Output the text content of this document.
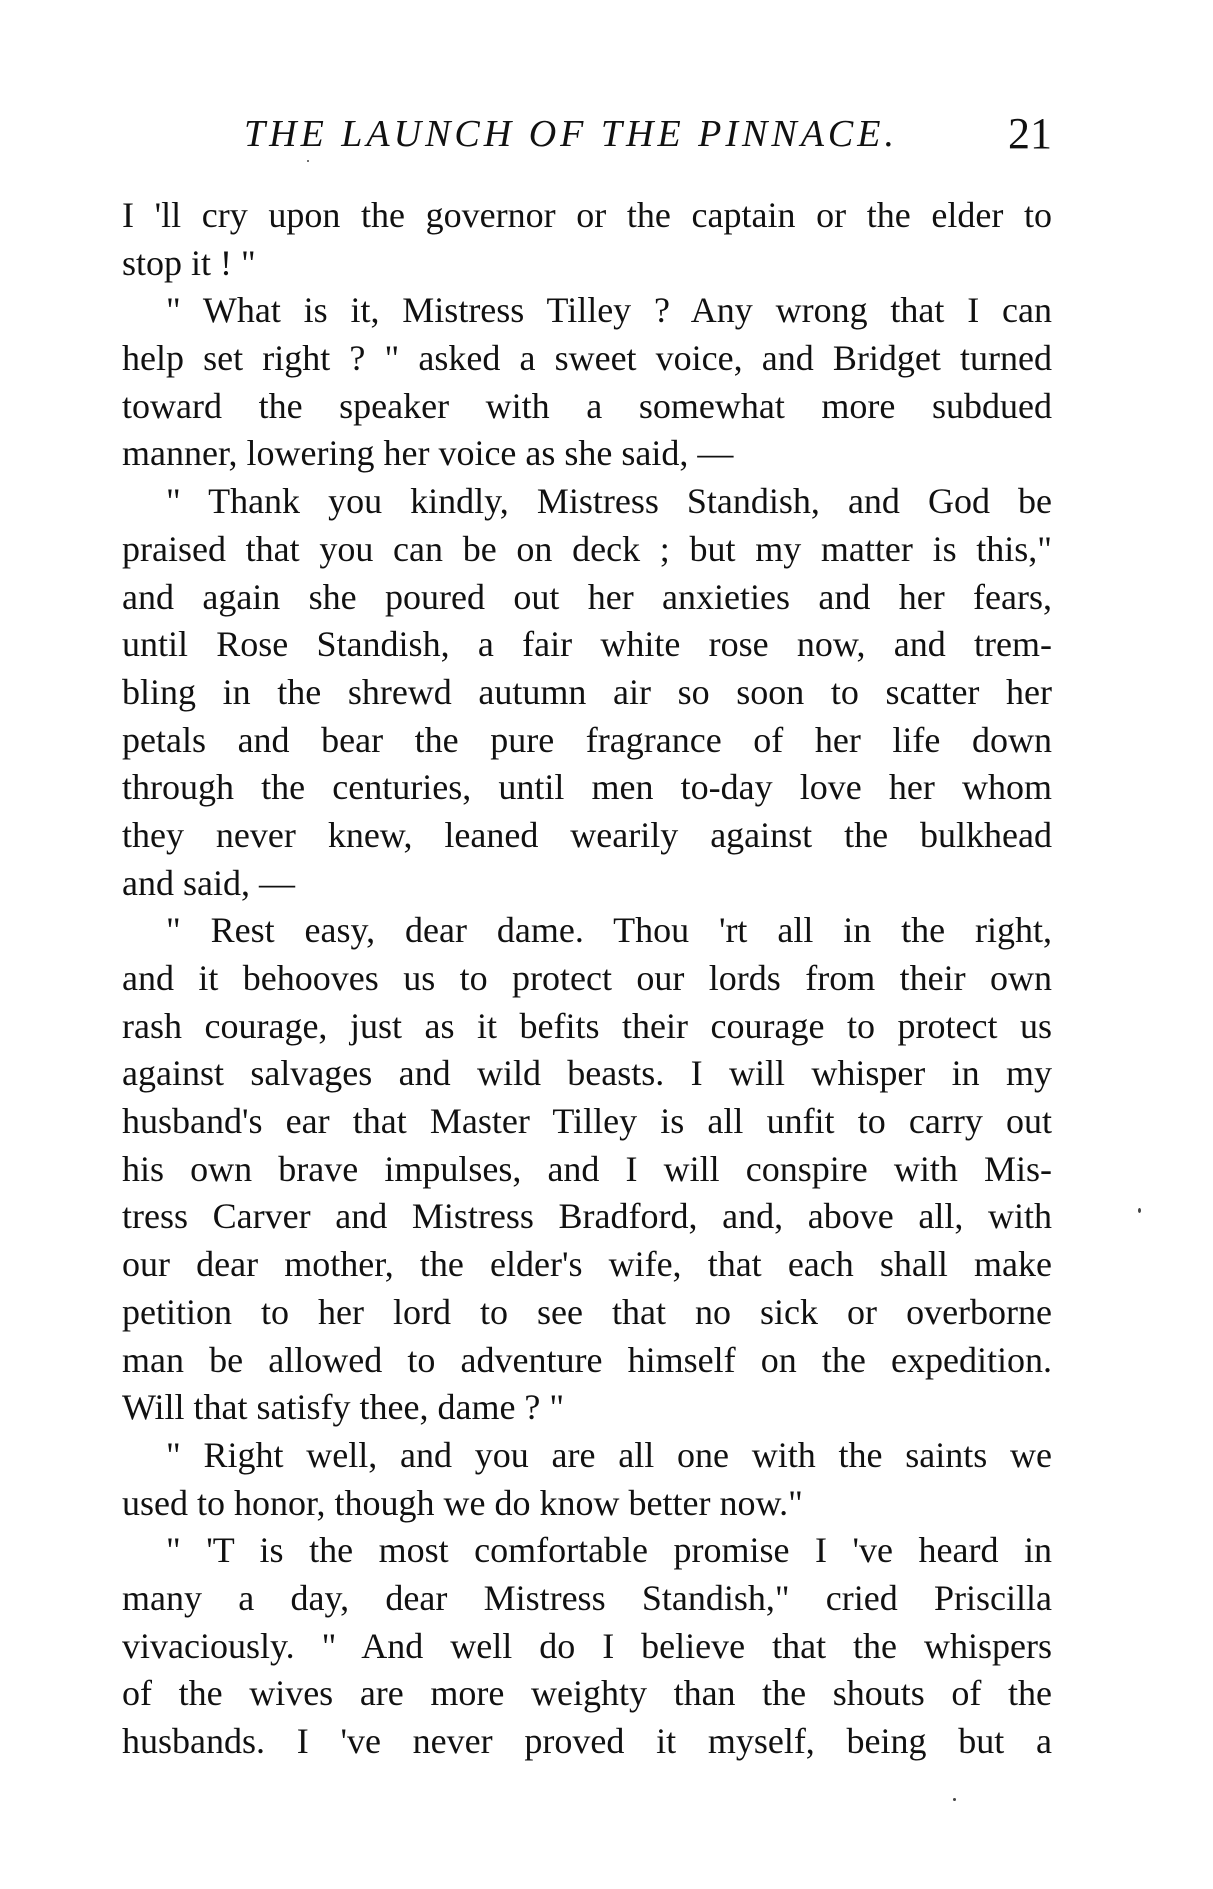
THE LAUNCH OF THE PINNACE.	21
I 'll cry upon the governor or the captain or the elder to
stop it ! "
" What is it, Mistress Tilley ? Any wrong that I can
help set right ? " asked a sweet voice, and Bridget turned
toward the speaker with a somewhat more subdued
manner, lowering her voice as she said, —
" Thank you kindly, Mistress Standish, and God be
praised that you can be on deck ; but my matter is this,"
and again she poured out her anxieties and her fears,
until Rose Standish, a fair white rose now, and trem-
bling in the shrewd autumn air so soon to scatter her
petals and bear the pure fragrance of her life down
through the centuries, until men to-day love her whom
they never knew, leaned wearily against the bulkhead
and said, —
" Rest easy, dear dame. Thou 'rt all in the right,
and it behooves us to protect our lords from their own
rash courage, just as it befits their courage to protect us
against salvages and wild beasts. I will whisper in my
husband's ear that Master Tilley is all unfit to carry out
his own brave impulses, and I will conspire with Mis-
tress Carver and Mistress Bradford, and, above all, with
our dear mother, the elder's wife, that each shall make
petition to her lord to see that no sick or overborne
man be allowed to adventure himself on the expedition.
Will that satisfy thee, dame ? "
" Right well, and you are all one with the saints we
used to honor, though we do know better now."
" 'T is the most comfortable promise I 've heard in
many a day, dear Mistress Standish," cried Priscilla
vivaciously. " And well do I believe that the whispers
of the wives are more weighty than the shouts of the
husbands. I 've never proved it myself, being but a
